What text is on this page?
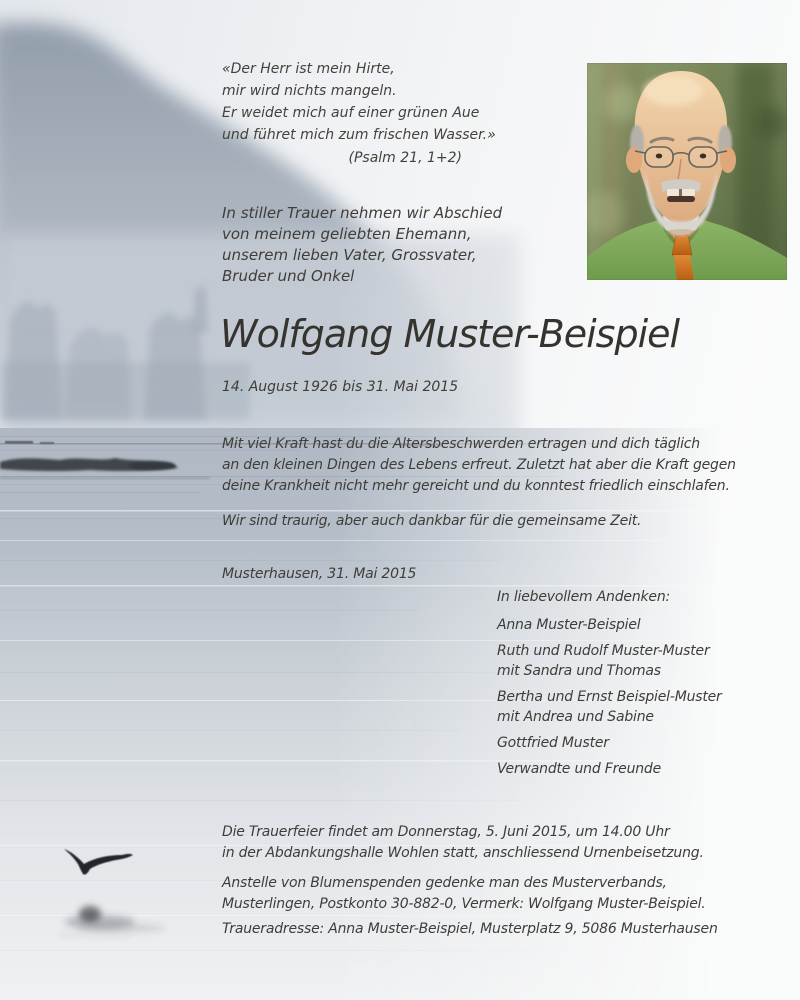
«Der Herr ist mein Hirte,
mir wird nichts mangeln.
Er weidet mich auf einer grünen Aue
und führet mich zum frischen Wasser.»
(Psalm 21, 1+2)
In stiller Trauer nehmen wir Abschied
von meinem geliebten Ehemann,
unserem lieben Vater, Grossvater,
Bruder und Onkel
Wolfgang Muster-Beispiel
14. August 1926 bis 31. Mai 2015
Mit viel Kraft hast du die Altersbeschwerden ertragen und dich täglich
an den kleinen Dingen des Lebens erfreut. Zuletzt hat aber die Kraft gegen
deine Krankheit nicht mehr gereicht und du konntest friedlich einschlafen.
Wir sind traurig, aber auch dankbar für die gemeinsame Zeit.
Musterhausen, 31. Mai 2015
In liebevollem Andenken:
Anna Muster-Beispiel
Ruth und Rudolf Muster-Muster
mit Sandra und Thomas
Bertha und Ernst Beispiel-Muster
mit Andrea und Sabine
Gottfried Muster
Verwandte und Freunde
Die Trauerfeier findet am Donnerstag, 5. Juni 2015, um 14.00 Uhr
in der Abdankungshalle Wohlen statt, anschliessend Urnenbeisetzung.
Anstelle von Blumenspenden gedenke man des Musterverbands,
Musterlingen, Postkonto 30-882-0, Vermerk: Wolfgang Muster-Beispiel.
Traueradresse: Anna Muster-Beispiel, Musterplatz 9, 5086 Musterhausen
